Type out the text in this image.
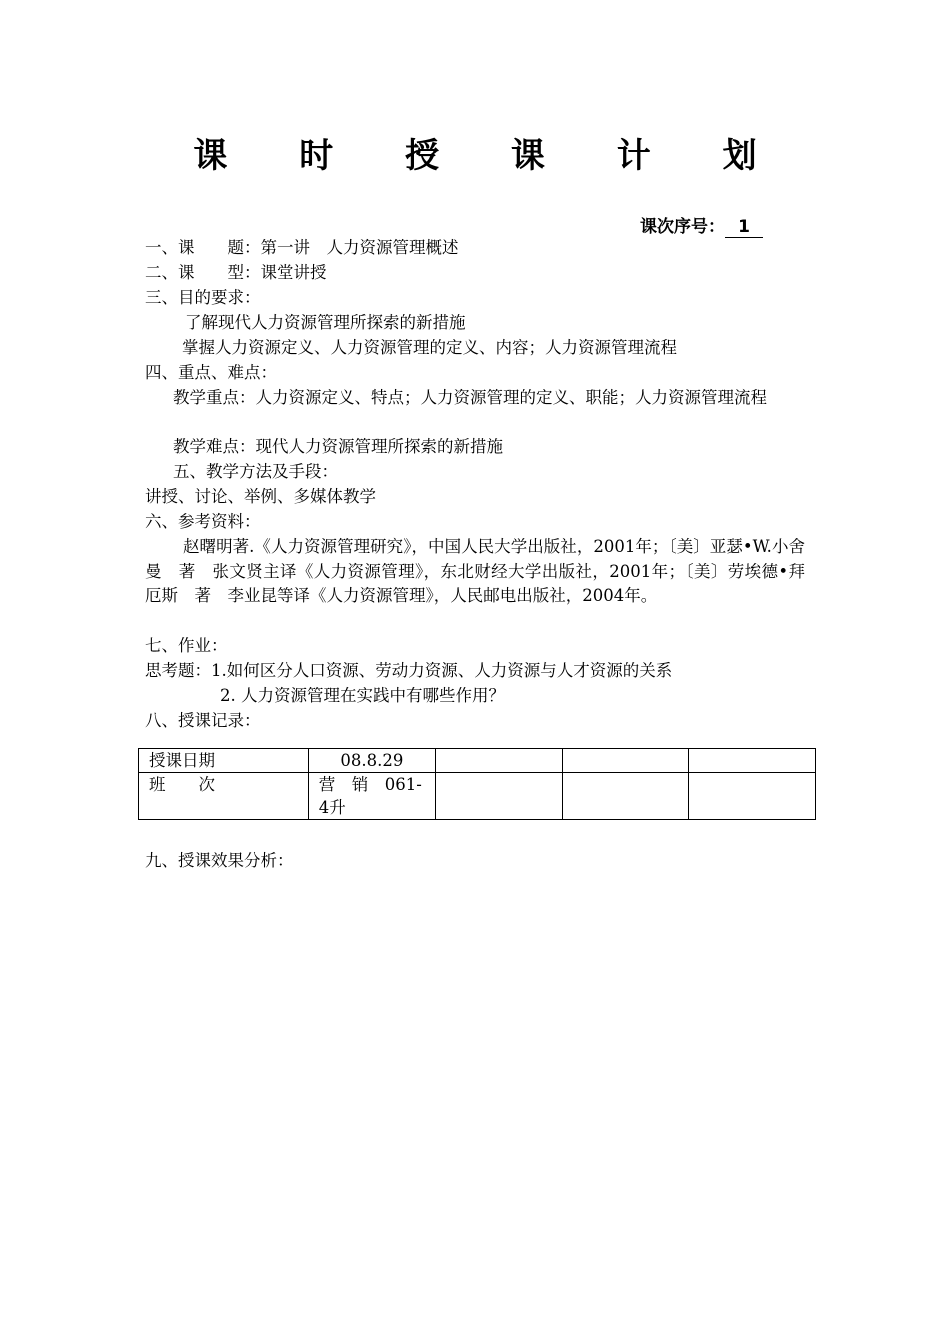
课 时 授 课 计 划
课次序号： 1
一、课　　题：第一讲　人力资源管理概述
二、课　　型：课堂讲授
三、目的要求：
了解现代人力资源管理所探索的新措施
掌握人力资源定义、人力资源管理的定义、内容；人力资源管理流程
四、重点、难点：
教学重点：人力资源定义、特点；人力资源管理的定义、职能；人力资源管理流程
教学难点：现代人力资源管理所探索的新措施
五、教学方法及手段：
讲授、讨论、举例、多媒体教学
六、参考资料：
赵曙明著.《人力资源管理研究》，中国人民大学出版社，2001年；〔美〕亚瑟•W.小舍曼　著　张文贤主译《人力资源管理》，东北财经大学出版社，2001年；〔美〕劳埃德•拜厄斯　著　李业昆等译《人力资源管理》，人民邮电出版社，2004年。
七、作业：
思考题：1.如何区分人口资源、劳动力资源、人力资源与人才资源的关系
2. 人力资源管理在实践中有哪些作用？
八、授课记录：
授课日期	08.8.29			
班　　次	营　销　061-4升			
九、授课效果分析：
